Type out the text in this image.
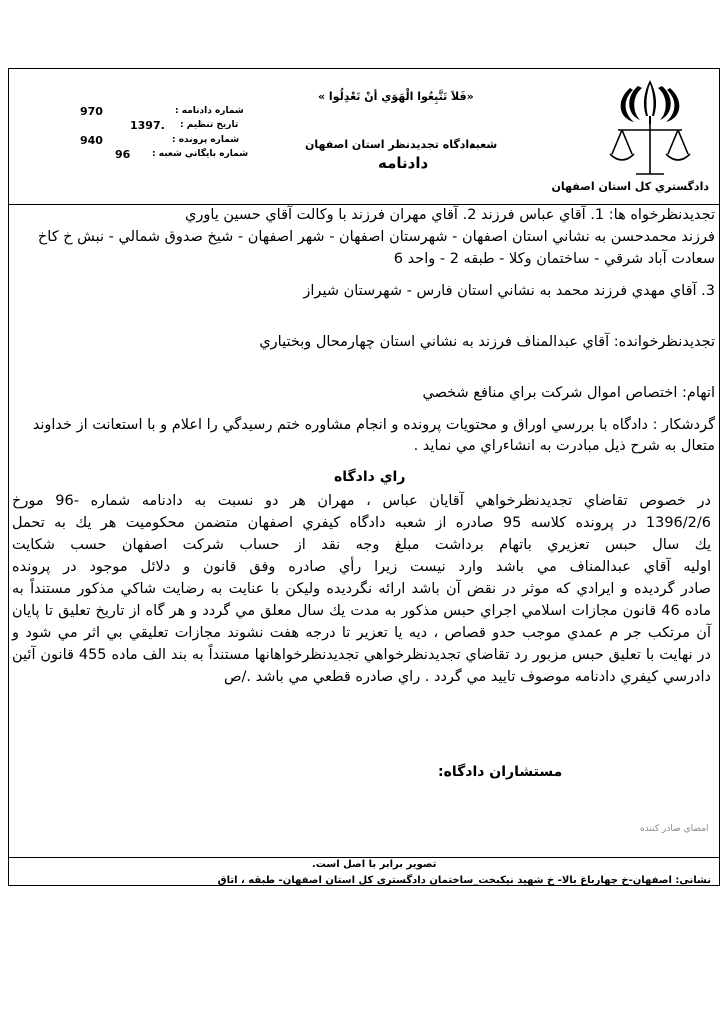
دادگستري كل استان اصفهان
«فَلاَ تَتَّبِعُوا الْهَوَي أنْ تَعْدِلُوا »
شعبه
دادگاه تجديدنظر استان اصفهان
دادنامه
شماره دادنامه :
970
تاريخ تنظيم :
1397.
شماره پرونده :
940
شماره بايگاني شعبه :
96
تجديدنظرخواه ها: 1. آقاي عباس فرزند 2. آقاي مهران فرزند با وكالت آقاي حسين ياوري
فرزند محمدحسن به نشاني استان اصفهان - شهرستان اصفهان - شهر اصفهان - شيخ صدوق شمالي - نبش خ كاخ
سعادت آباد شرقي - ساختمان وكلا - طبقه 2 - واحد 6
3. آقاي مهدي فرزند محمد به نشاني استان فارس - شهرستان شيراز
تجديدنظرخوانده: آقاي عبدالمناف فرزند به نشاني استان چهارمحال وبختياري
اتهام: اختصاص اموال شركت براي منافع شخصي
گردشكار : دادگاه با بررسي اوراق و محتويات پرونده و انجام مشاوره ختم رسيدگي را اعلام و با استعانت از خداوند
متعال به شرح ذيل مبادرت به انشاءراي مي نمايد .
راي دادگاه
در خصوص تقاضاي تجديدنظرخواهي آقايان عباس ، مهران هر دو نسبت به دادنامه شماره -96 مورخ
1396/2/6 در پرونده كلاسه 95 صادره از شعبه دادگاه كيفري اصفهان متضمن محكوميت هر يك به تحمل
يك سال حبس تعزيري باتهام برداشت مبلغ وجه نقد از حساب شركت اصفهان حسب شكايت
اوليه آقاي عبدالمناف مي باشد وارد نيست زيرا رأي صادره وفق قانون و دلائل موجود در پرونده
صادر گرديده و ايرادي كه موثر در نقض آن باشد ارائه نگرديده وليكن با عنايت به رضايت شاكي مذكور مستنداً به
ماده 46 قانون مجازات اسلامي اجراي حبس مذكور به مدت يك سال معلق مي گردد و هر گاه از تاريخ تعليق تا پايان
آن مرتكب جر م عمدي موجب حدو قصاص ، ديه يا تعزير تا درجه هفت نشوند مجازات تعليقي بي اثر مي شود و
در نهايت با تعليق حبس مزبور رد تقاضاي تجديدنظرخواهي تجديدنظرخواهانها مستنداً به بند الف ماده 455 قانون آئين
دادرسي كيفري دادنامه موصوف تاييد مي گردد . راي صادره قطعي مي باشد ./ص
مستشاران دادگاه:
امضاي صادر كننده
تصوير برابر با اصل است.
نشاني: اصفهان-خ چهارباغ بالا- خ شهيد نيكبخت_ساختمان دادگستري كل استان اصفهان- طبقه ، اتاق
